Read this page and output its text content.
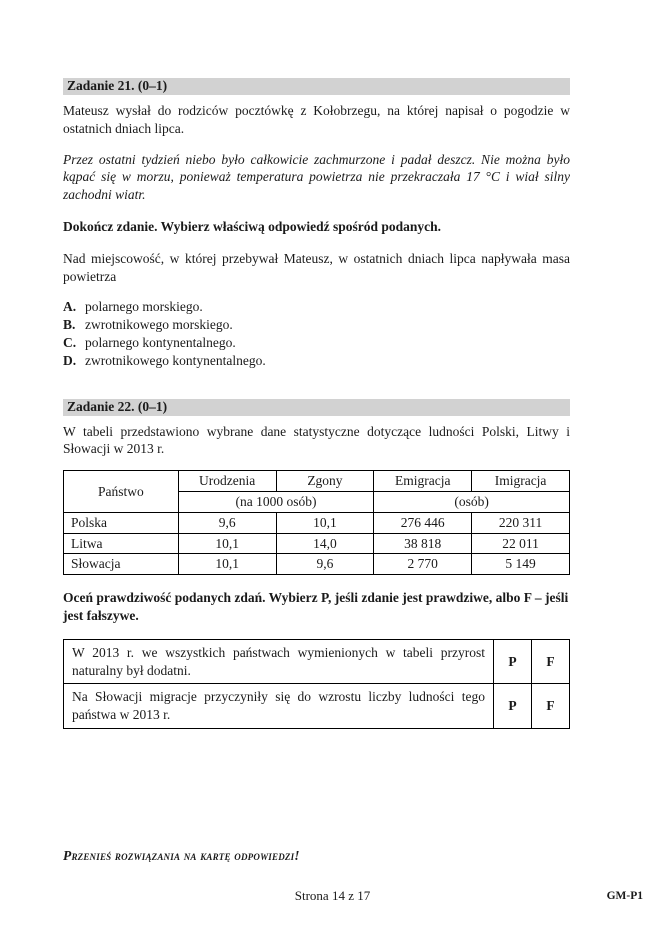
Zadanie 21. (0–1)
Mateusz wysłał do rodziców pocztówkę z Kołobrzegu, na której napisał o pogodzie w ostatnich dniach lipca.
Przez ostatni tydzień niebo było całkowicie zachmurzone i padał deszcz. Nie można było kąpać się w morzu, ponieważ temperatura powietrza nie przekraczała 17 °C i wiał silny zachodni wiatr.
Dokończ zdanie. Wybierz właściwą odpowiedź spośród podanych.
Nad miejscowość, w której przebywał Mateusz, w ostatnich dniach lipca napływała masa powietrza
A. polarnego morskiego.
B. zwrotnikowego morskiego.
C. polarnego kontynentalnego.
D. zwrotnikowego kontynentalnego.
Zadanie 22. (0–1)
W tabeli przedstawiono wybrane dane statystyczne dotyczące ludności Polski, Litwy i Słowacji w 2013 r.
Państwo	Urodzenia	Zgony	Emigracja	Imigracja
	(na 1000 osób)		(osób)	
Polska	9,6	10,1	276 446	220 311
Litwa	10,1	14,0	38 818	22 011
Słowacja	10,1	9,6	2 770	5 149
Oceń prawdziwość podanych zdań. Wybierz P, jeśli zdanie jest prawdziwe, albo F – jeśli jest fałszywe.
W 2013 r. we wszystkich państwach wymienionych w tabeli przyrost naturalny był dodatni.	P	F
Na Słowacji migracje przyczyniły się do wzrostu liczby ludności tego państwa w 2013 r.	P	F
Przenieś rozwiązania na kartę odpowiedzi!
Strona 14 z 17	GM-P1
